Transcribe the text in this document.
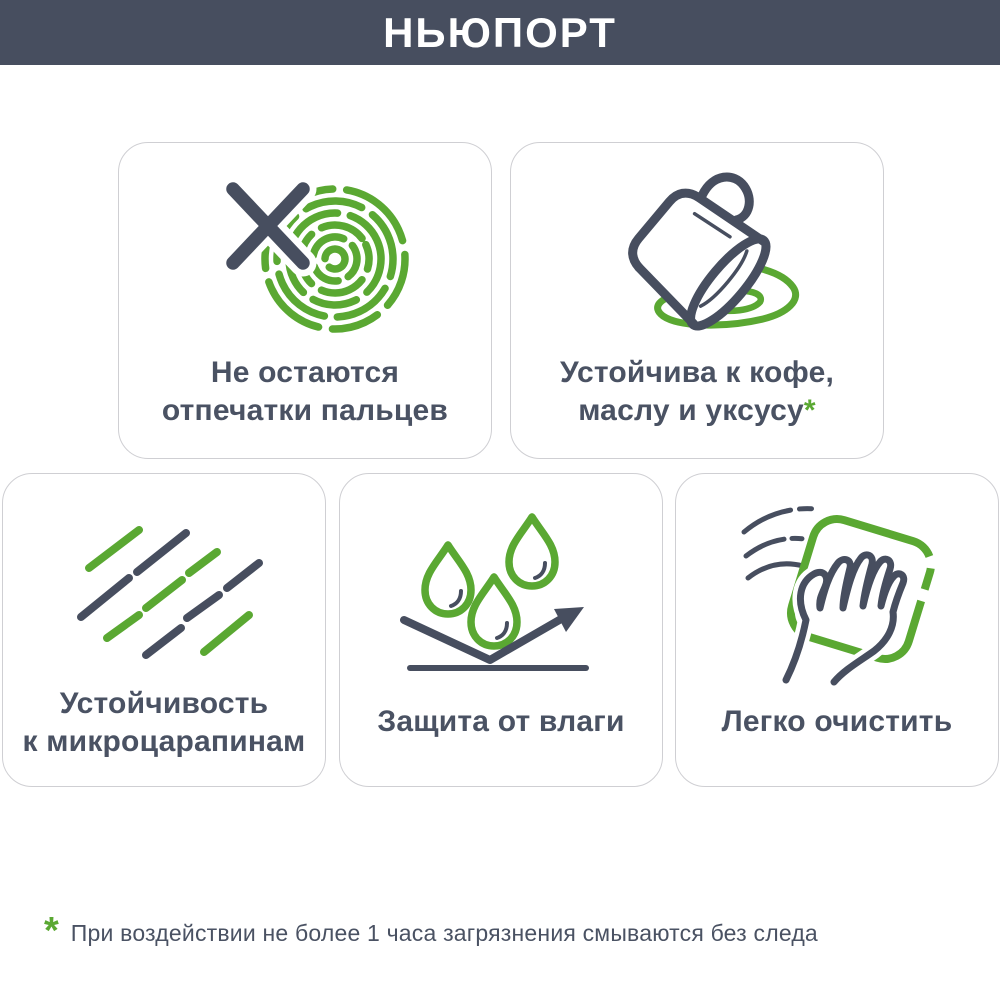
НЬЮПОРТ
Не остаются
отпечатки пальцев
Устойчива к кофе,
маслу и уксусу*
Устойчивость
к микроцарапинам
Защита от влаги	Легко очистить
* При воздействии не более 1 часа загрязнения смываются без следа
